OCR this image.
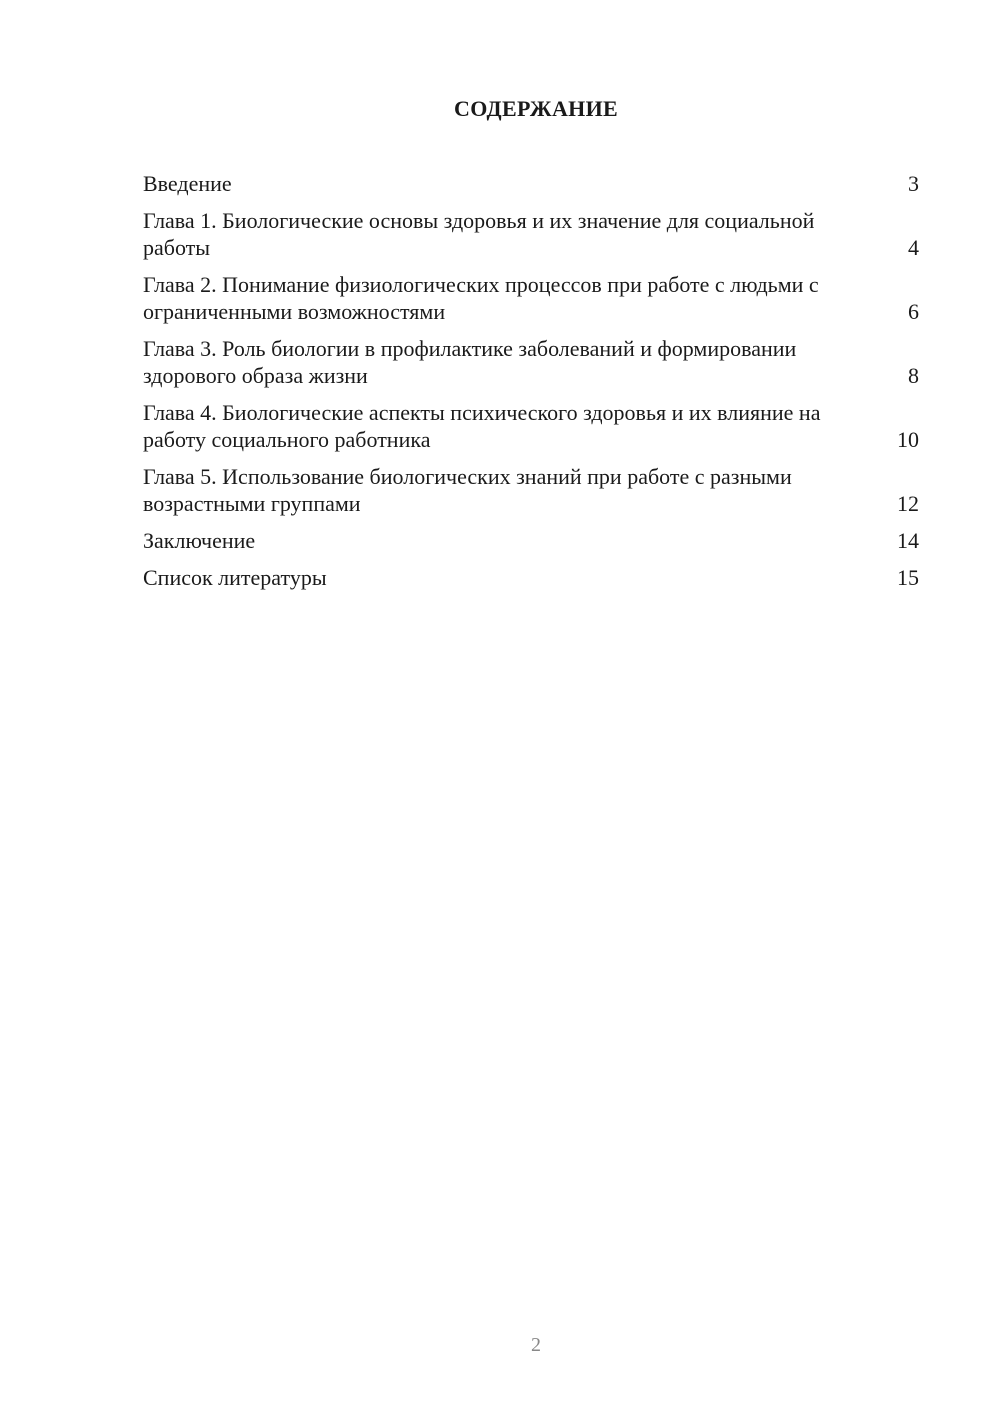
СОДЕРЖАНИЕ
Введение	3
Глава 1. Биологические основы здоровья и их значение для социальной работы	4
Глава 2. Понимание физиологических процессов при работе с людьми с ограниченными возможностями	6
Глава 3. Роль биологии в профилактике заболеваний и формировании здорового образа жизни	8
Глава 4. Биологические аспекты психического здоровья и их влияние на работу социального работника	10
Глава 5. Использование биологических знаний при работе с разными возрастными группами	12
Заключение	14
Список литературы	15
2
